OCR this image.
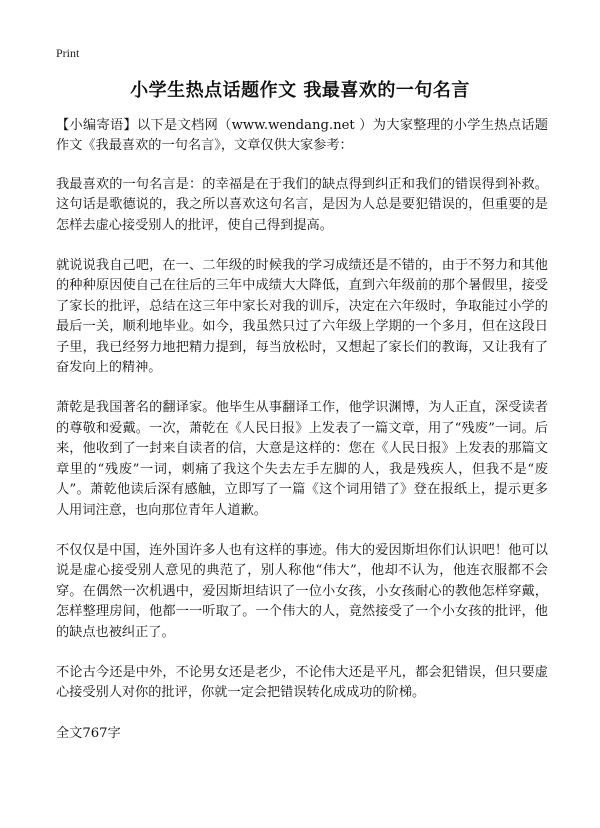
Print
小学生热点话题作文 我最喜欢的一句名言

【小编寄语】以下是文档网（www.wendang.net ）为大家整理的小学生热点话题作文《我最喜欢的一句名言》，文章仅供大家参考：

我最喜欢的一句名言是：的幸福是在于我们的缺点得到纠正和我们的错误得到补救。这句话是歌德说的，我之所以喜欢这句名言，是因为人总是要犯错误的，但重要的是怎样去虚心接受别人的批评，使自己得到提高。

就说说我自己吧，在一、二年级的时候我的学习成绩还是不错的，由于不努力和其他的种种原因使自己在往后的三年中成绩大大降低，直到六年级前的那个暑假里，接受了家长的批评，总结在这三年中家长对我的训斥，决定在六年级时，争取能过小学的最后一关，顺利地毕业。如今，我虽然只过了六年级上学期的一个多月，但在这段日子里，我已经努力地把精力提到，每当放松时，又想起了家长们的教诲，又让我有了奋发向上的精神。

萧乾是我国著名的翻译家。他毕生从事翻译工作，他学识渊博，为人正直，深受读者的尊敬和爱戴。一次，萧乾在《人民日报》上发表了一篇文章，用了“残废”一词。后来，他收到了一封来自读者的信，大意是这样的：您在《人民日报》上发表的那篇文章里的“残废”一词，刺痛了我这个失去左手左脚的人，我是残疾人，但我不是“废人”。萧乾他读后深有感触，立即写了一篇《这个词用错了》登在报纸上，提示更多人用词注意，也向那位青年人道歉。

不仅仅是中国，连外国许多人也有这样的事迹。伟大的爱因斯坦你们认识吧！他可以说是虚心接受别人意见的典范了，别人称他“伟大”，他却不认为，他连衣服都不会穿。在偶然一次机遇中，爱因斯坦结识了一位小女孩，小女孩耐心的教他怎样穿戴，怎样整理房间，他都一一听取了。一个伟大的人，竟然接受了一个小女孩的批评，他的缺点也被纠正了。

不论古今还是中外，不论男女还是老少，不论伟大还是平凡，都会犯错误，但只要虚心接受别人对你的批评，你就一定会把错误转化成成功的阶梯。

全文767字
